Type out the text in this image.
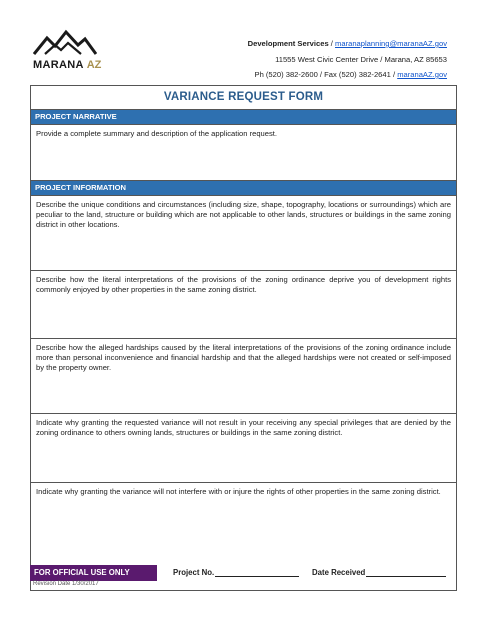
MARANA AZ
Development Services / maranaplanning@maranaAZ.gov
11555 West Civic Center Drive / Marana, AZ 85653
Ph (520) 382-2600 / Fax (520) 382-2641 / maranaAZ.gov
VARIANCE REQUEST FORM
PROJECT NARRATIVE
Provide a complete summary and description of the application request.
PROJECT INFORMATION
Describe the unique conditions and circumstances (including size, shape, topography, locations or surroundings) which are peculiar to the land, structure or building which are not applicable to other lands, structures or buildings in the same zoning district in other locations.
Describe how the literal interpretations of the provisions of the zoning ordinance deprive you of development rights commonly enjoyed by other properties in the same zoning district.
Describe how the alleged hardships caused by the literal interpretations of the provisions of the zoning ordinance include more than personal inconvenience and financial hardship and that the alleged hardships were not created or self-imposed by the property owner.
Indicate why granting the requested variance will not result in your receiving any special privileges that are denied by the zoning ordinance to others owning lands, structures or buildings in the same zoning district.
Indicate why granting the variance will not interfere with or injure the rights of other properties in the same zoning district.
FOR OFFICIAL USE ONLY	Project No.	Date Received
Revision Date 1/30/2017
